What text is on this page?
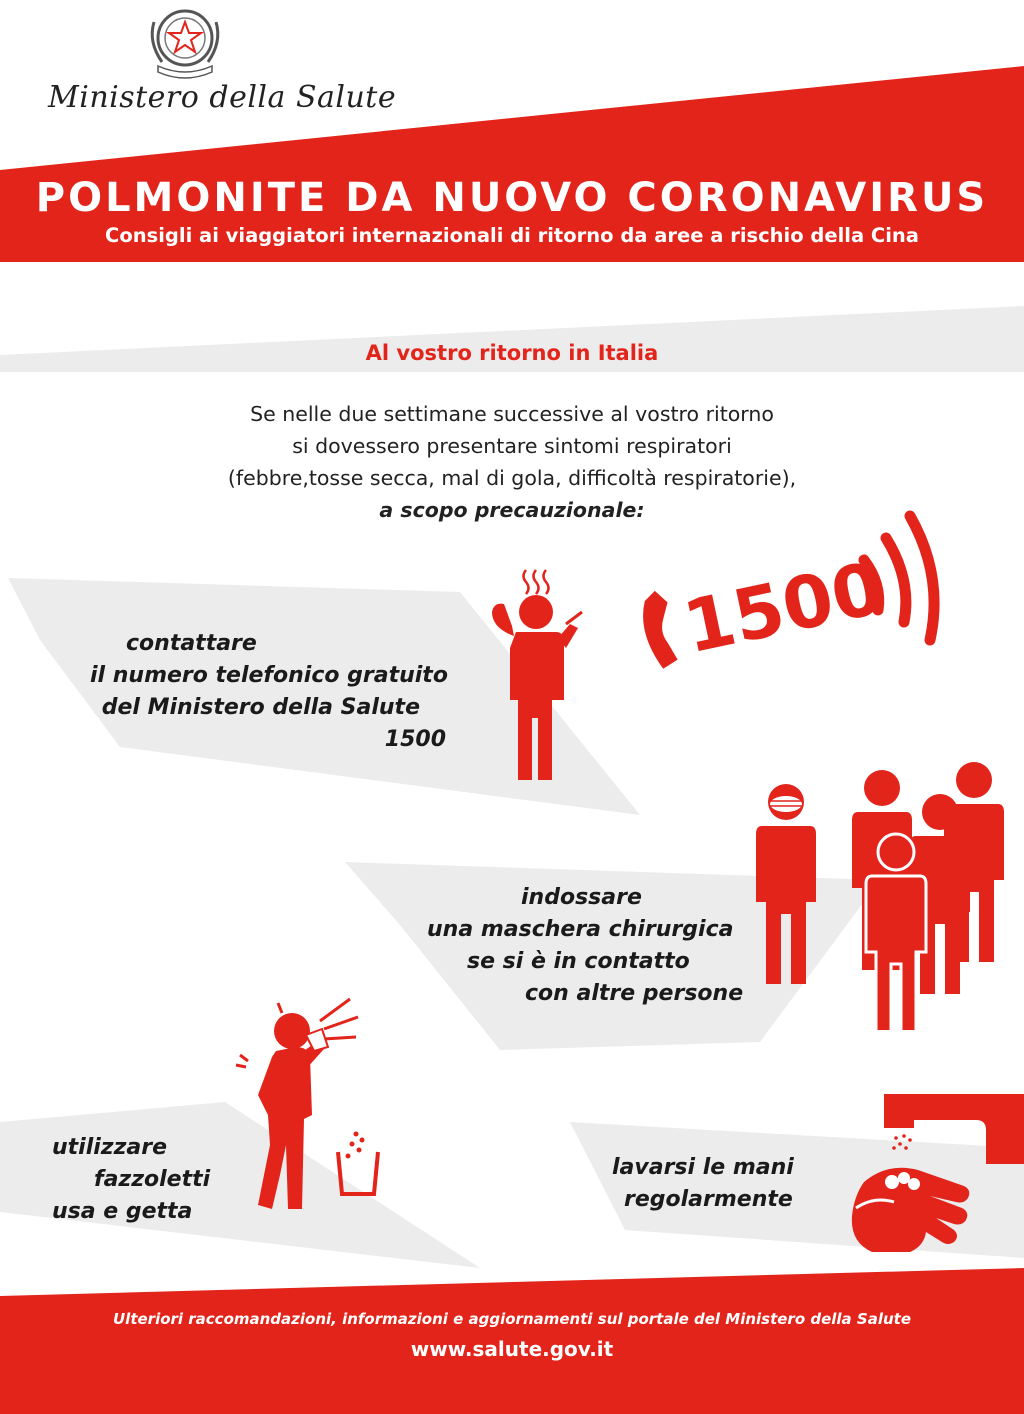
Ministero della Salute
POLMONITE DA NUOVO CORONAVIRUS
Consigli ai viaggiatori internazionali di ritorno da aree a rischio della Cina
Al vostro ritorno in Italia
Se nelle due settimane successive al vostro ritorno
si dovessero presentare sintomi respiratori
(febbre,tosse secca, mal di gola, difficoltà respiratorie),
a scopo precauzionale:
contattare
il numero telefonico gratuito
del Ministero della Salute
1500
1500
indossare
una maschera chirurgica
se si è in contatto
con altre persone
utilizzare
fazzoletti
usa e getta
lavarsi le mani
regolarmente
Ulteriori raccomandazioni, informazioni e aggiornamenti sul portale del Ministero della Salute
www.salute.gov.it
